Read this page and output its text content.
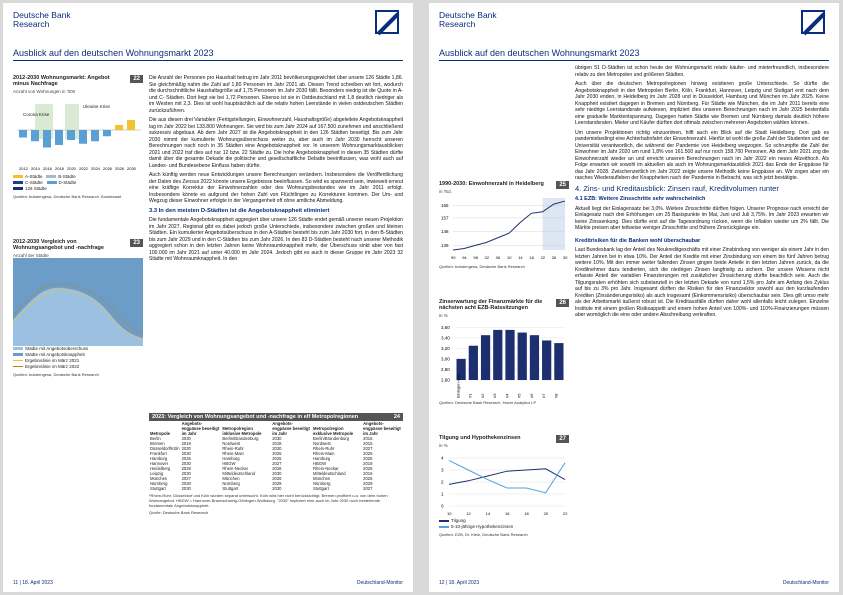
Deutsche Bank
Research
Ausblick auf den deutschen Wohnungsmarkt 2023
2012-2030 Wohnungsmarkt: Angebot minus Nachfrage
22
Anzahl von Wohnungen in '000
Corona Krise
Ukraine Krise
2012 2014 2016 2018 2020 2022 2024 2026 2028 2030
A-Städte	B-Städte
C-Städte	D-Städte
126 Städte
Quellen: bulwiengesa, Deutsche Bank Research, Bundesamt
2012-2030 Vergleich von Wohnungsangebot und -nachfrage
23
Anzahl der Städte
Städte mit Angebotsüberschuss
Städte mit Angebotsknappheit
Ergebnislinie im März 2021
Ergebnislinie im März 2022
Quellen: bulwiengesa, Deutsche Bank Research

Die Anzahl der Personen pro Haushalt betrug im Jahr 2011 bevölkerungsgewichtet über unsere 126 Städte 1,86. Sie gleichmäßig nahm die Zahl auf 1,80 Personen im Jahr 2021 ab. Diesen Trend schreiben wir fort, wodurch die durchschnittliche Haushaltsgröße auf 1,75 Personen im Jahr 2030 fällt. Besonders niedrig ist die Quote in A- und C- Städten. Dort liegt sie bei 1,72 Personen. Ebenso ist sie in Ostdeutschland mit 1,8 deutlich niedriger als im Westen mit 2,3. Dies ist wohl hauptsächlich auf die relativ hohen Leerstände in vielen ostdeutschen Städten zurückzuführen.

Die aus diesen drei Variablen (Fertigstellungen, Einwohnerzahl, Haushaltsgröße) abgeleitete Angebotsknappheit lag im Jahr 2022 bei 133.800 Wohnungen. Sie wird bis zum Jahr 2024 auf 167.500 zunehmen und anschließend sukzessiv abgebaut. Ab dem Jahr 2027 ist die Angebotsknappheit in den 126 Städten beseitigt. Bis zum Jahr 2030 nimmt der kumulierte Wohnungsüberschuss weiter zu, aber auch im Jahr 2030 herrscht unseren Berechnungen nach noch in 35 Städten eine Angebotsknappheit vor. In unserem Wohnungsmarktausblicken 2021 und 2022 traf dies auf nur 12 bzw. 22 Städte zu. Die hohe Angebotsknappheit in diesen 35 Städten dürfte damit über die gesamte Dekade die politische und gesellschaftliche Debatte beeinflussen, was wohl auch auf Landes- und Bundesebene Einfluss haben dürfte.

Auch künftig werden neue Entwicklungen unsere Berechnungen verändern. Insbesondere die Veröffentlichung der Daten des Zensus 2022 könnte unsere Ergebnisse beeinflussen. So wird es spannend sein, inwieweit erneut eine kräftige Korrektur der Einwohnerzahlen oder des Wohnungsbestandes wie im Jahr 2011 erfolgt. Insbesondere könnte es aufgrund der hohen Zahl von Flüchtlingen zu Korrekturen kommen. Der Um- und Wegzug dieser Einwohner erfolgte in der Vergangenheit oft ohne amtliche Abmeldung.

3.3 In den meisten D-Städten ist die Angebotsknappheit eliminiert

Die fundamentale Angebotsknappheit aggregiert über unsere 126 Städte endet gemäß unserer neuen Projektion im Jahr 2027. Regional gibt es dabei jedoch große Unterschiede, insbesondere zwischen großen und kleinen Städten. Ein kumulierter Angebotsüberschuss in den A-Städten besteht bis zum Jahr 2030 fort, in den B-Städten bis zum Jahr 2029 und in den C-Städten bis zum Jahr 2026. In den 83 D-Städten besteht nach unserer Methodik aggregiert schon in den letzten Jahren keine Wohnraumknappheit mehr, der Überschuss sinkt aber von fast 100.000 im Jahr 2021 auf unter 40.000 im Jahr 2024. Jedoch gibt es auch in dieser Gruppe im Jahr 2023 32 Städte mit Wohnraumknappheit. In den

2023: Vergleich von Wohnungsangebot und -nachfrage in elf Metropolregionen	24
Metropole	Angebots-engpässe beseitigt im Jahr	Metropolregion inklusive Metropole	Angebots-engpässe beseitigt im Jahr	Metropolregion exklusive Metropole	Angebots-engpässe beseitigt im Jahr
Berlin	2030	Berlin/Brandenburg	2030	Berlin/Brandenburg	2015
Bremen	2019	Nordwest	2018	Nordwest	2015
Düsseldorf/Köln	2030	Rhein-Ruhr	2030	Rhein-Ruhr	2027
Frankfurt	2030	Rhein-Main	2026	Rhein-Main	2025
Hamburg	2025	Hamburg	2025	Hamburg	2025
Hannover	2030	HBGW	2027	HBGW	2019
Heidelberg	2029	Rhein-Neckar	2026	Rhein-Neckar	2025
Leipzig	2030	Mitteldeutschland	2030	Mitteldeutschland	2016
München	2027	München	2026	München	2025
Nürnberg	2030	Nürnberg	2029	Nürnberg	2029
Stuttgart	2030	Stuttgart	2030	Stuttgart	2027
*Rhein-Ruhr: Düsseldorf und Köln wurden separat untersucht. Köln wird hier nicht berücksichtigt. Bremen profitiert u.a. von dem hohen Wohnangebot. HBGW = Hannover-Braunschweig-Göttingen-Wolfsburg. "2030" impliziert eine auch im Jahr 2030 noch bestehende fundamentale Angebotsknappheit.
Quelle: Deutsche Bank Research
11 | 18. April 2023	Deutschland-Monitor
Deutsche Bank
Research
Ausblick auf den deutschen Wohnungsmarkt 2023
1990-2030: Einwohnerzahl in Heidelberg	25
in Tsd.
165
157
148
139
90 94 98 02 06 10 14 18 22 26 30
Quellen: bulwiengesa, Deutsche Bank Research
Zinserwartung der Finanzmärkte für die nächsten acht EZB-Ratssitzungen
26
in %
3,60
3,40
3,20
3,00
2,80
2,60 Einlagen-satz #1 #2 #3 #4 #5 #6 #7 #8
Quellen: Deutsche Bank Research, Haver Analytics LP
Tilgung und Hypothekenzinsen	27
in %
4
3
2
1
0
10	12	14	16	18	20	22
Tilgung
5-10-jährige Hypothekenzinsen
Quellen: EZB, Dr. Klein, Deutsche Bank Research

übrigen 51 D-Städten ist schon heute der Wohnungsmarkt relativ käufer- und mieterfreundlich, insbesondere relativ zu den Metropolen und größeren Städten.

Auch über die deutschen Metropolregionen hinweg existieren große Unterschiede. So dürfte die Angebotsknappheit in den Metropolen Berlin, Köln, Frankfurt, Hannover, Leipzig und Stuttgart erst nach dem Jahr 2030 enden, in Heidelberg im Jahr 2028 und in Düsseldorf, Hamburg und München im Jahr 2025. Keine Knappheit existiert dagegen in Bremen und Nürnberg. Für Städte wie München, die im Jahr 2011 bereits eine sehr niedrige Leerstandsrate aufwiesen, impliziert dies unseren Berechnungen nach im Jahr 2025 bestenfalls eine graduelle Marktentspannung. Dagegen hatten Städte wie Bremen und Nürnberg damals deutlich höhere Leerstandsraten. Mieter und Käufer dürften dort oftmals zwischen mehreren Angeboten wählen können.

Um unsere Projektionen richtig einzuordnen, hilft auch ein Blick auf die Stadt Heidelberg. Dort gab es pandemiebedingt eine Achterbahnfahrt der Einwohnerzahl. Hierfür ist wohl die große Zahl der Studenten und der Universität verantwortlich, die während der Pandemie von Heidelberg wegzogen. So schrumpfte die Zahl der Einwohner im Jahr 2020 um rund 1,8% von 161.500 auf nur noch 158.700 Personen. Ab dem Jahr 2021 zog die Einwohnerzahl wieder an und erreicht unseren Berechnungen nach im Jahr 2022 ein neues Allzeithoch. Als Folge erwarten wir sowohl im aktuellen als auch im Wohnungsmarktausblick 2021 das Ende der Engpässe für das Jahr 2028. Zwischenzeitlich im Jahr 2022 zeigte unsere Methodik keine Engpässe an. Wir zogen aber ein rasches Wiederaufleben der Knappheiten nach der Pandemie in Betracht, was sich jetzt bestätigte.

4. Zins- und Kreditausblick: Zinsen rauf, Kreditvolumen runter
4.1 EZB: Weitere Zinsschritte sehr wahrscheinlich

Aktuell liegt der Einlagensatz bei 3,0%. Weitere Zinsschritte dürften folgen. Unserer Prognose nach erreicht der Einlagesatz nach drei Erhöhungen um 25 Basispunkte im Mai, Juni und Juli 3,75%. Im Jahr 2023 erwarten wir keine Zinssenkung. Dies dürfte erst auf die Tagesordnung rücken, wenn die Inflation wieder um 2% fällt. Die Märkte preisen aber teilweise weniger Zinsschritte und frühere Zinsrückgänge ein.

Kreditrisiken für die Banken wohl überschaubar

Laut Bundesbank lag der Anteil des Neukreditgeschäfts mit einer Zinsbindung von weniger als einem Jahr in den letzten Jahren bei in etwa 10%. Der Anteil der Kredite mit einer Zinsbindung von einem bis fünf Jahren betrug weitere 10%. Mit den immer weiter fallenden Zinsen gingen beide Anteile in den letzten Jahren zurück, da die Kreditnehmer dazu tendierten, sich die niedrigen Zinsen langfristig zu sichern. Der unsere Wissens nicht erfasste Anteil der variablen Finanzierungen mit zusätzlicher Zinssicherung dürfte beachtlich sein. Auch die Tilgungsraten erhöhten sich substanziell in der letzten Dekade von rund 1,5% pro Jahr am Anfang des Zyklus auf bis zu 3% pro Jahr. Insgesamt dürften die Risiken für den Finanzsektor sowohl aus den kurzlaufenden Krediten (Zinsänderungsrisiko) als auch insgesamt (Einkommensrisiko) überschaubar sein. Dies gilt umso mehr als der Arbeitsmarkt äußerst robust ist. Die Kreditausfälle dürften daher wohl allenfalls leicht zulegen. Einzelne Institute mit einem großen Risikoappetit und einem hohen Anteil von 100%- und 110%-Finanzierungen müssen aber womöglich die eine oder andere Abschreibung verkraften.

12 | 18. April 2023	Deutschland-Monitor
